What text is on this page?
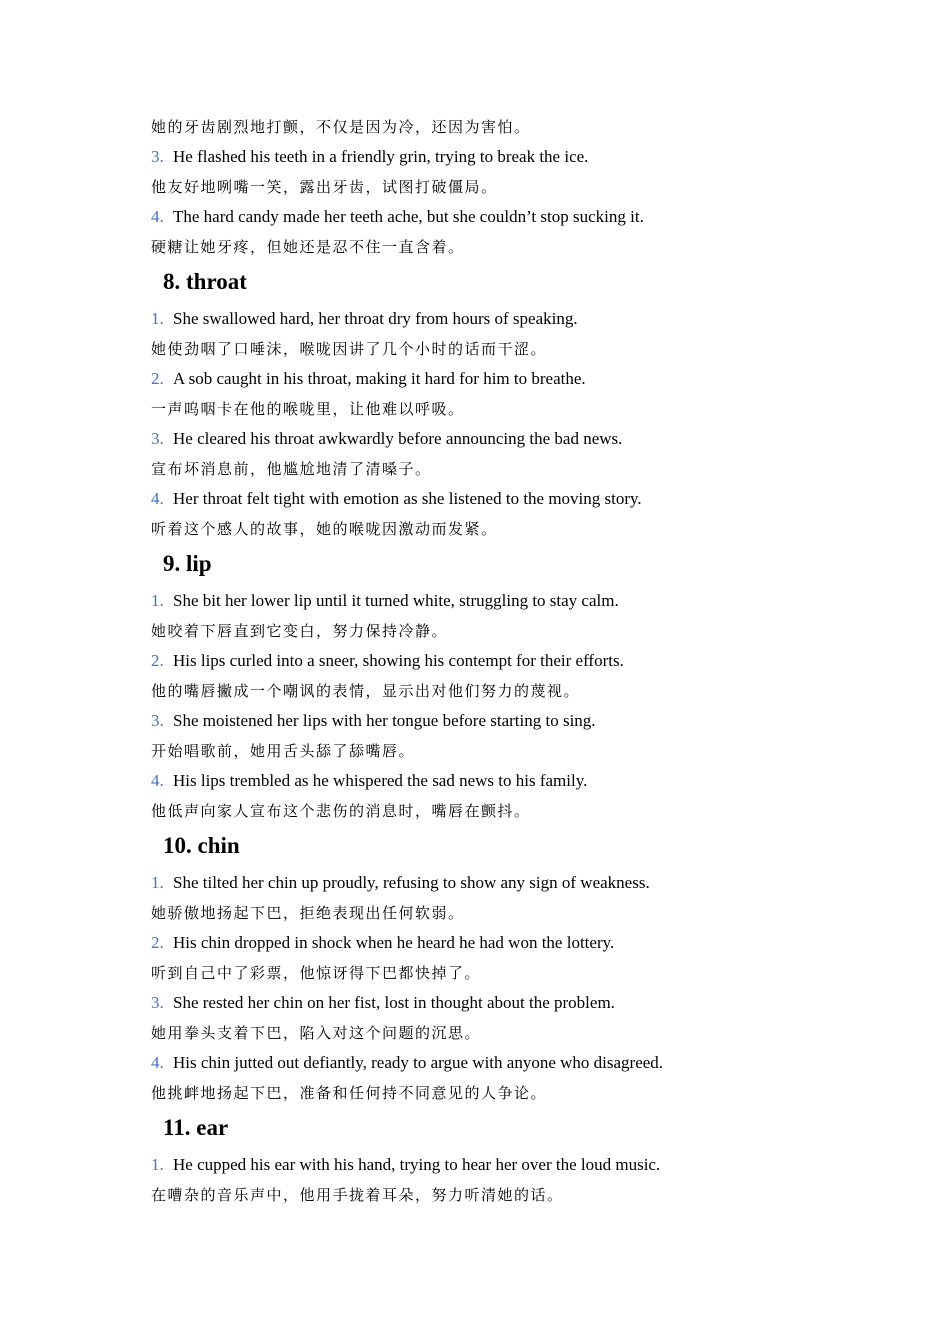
她的牙齿剧烈地打颤，不仅是因为冷，还因为害怕。
3. He flashed his teeth in a friendly grin, trying to break the ice.
他友好地咧嘴一笑，露出牙齿，试图打破僵局。
4. The hard candy made her teeth ache, but she couldn’t stop sucking it.
硬糖让她牙疼，但她还是忍不住一直含着。
8. throat
1. She swallowed hard, her throat dry from hours of speaking.
她使劲咽了口唾沫，喉咙因讲了几个小时的话而干涩。
2. A sob caught in his throat, making it hard for him to breathe.
一声呜咽卡在他的喉咙里，让他难以呼吸。
3. He cleared his throat awkwardly before announcing the bad news.
宣布坏消息前，他尴尬地清了清嗓子。
4. Her throat felt tight with emotion as she listened to the moving story.
听着这个感人的故事，她的喉咙因激动而发紧。
9. lip
1. She bit her lower lip until it turned white, struggling to stay calm.
她咬着下唇直到它变白，努力保持冷静。
2. His lips curled into a sneer, showing his contempt for their efforts.
他的嘴唇撇成一个嘲讽的表情，显示出对他们努力的蔑视。
3. She moistened her lips with her tongue before starting to sing.
开始唱歌前，她用舌头舔了舔嘴唇。
4. His lips trembled as he whispered the sad news to his family.
他低声向家人宣布这个悲伤的消息时，嘴唇在颤抖。
10. chin
1. She tilted her chin up proudly, refusing to show any sign of weakness.
她骄傲地扬起下巴，拒绝表现出任何软弱。
2. His chin dropped in shock when he heard he had won the lottery.
听到自己中了彩票，他惊讶得下巴都快掉了。
3. She rested her chin on her fist, lost in thought about the problem.
她用拳头支着下巴，陷入对这个问题的沉思。
4. His chin jutted out defiantly, ready to argue with anyone who disagreed.
他挑衅地扬起下巴，准备和任何持不同意见的人争论。
11. ear
1. He cupped his ear with his hand, trying to hear her over the loud music.
在嘈杂的音乐声中，他用手拢着耳朵，努力听清她的话。
